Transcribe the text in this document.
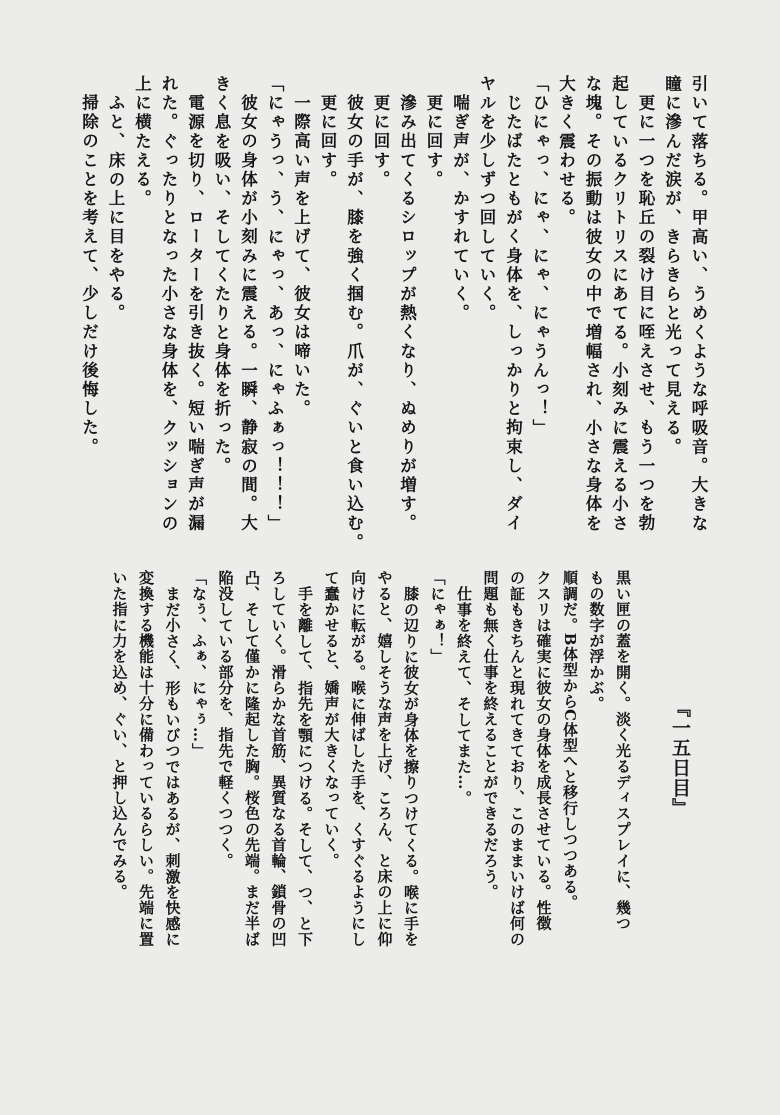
引いて落ちる。甲高い、うめくような呼吸音。大きな
瞳に滲んだ涙が、きらきらと光って見える。
更に一つを恥丘の裂け目に咥えさせ、もう一つを勃
起しているクリトリスにあてる。小刻みに震える小さ
な塊。その振動は彼女の中で増幅され、小さな身体を
大きく震わせる。
「ひにゃっ、にゃ、にゃ、にゃうんっ！」
じたばたともがく身体を、しっかりと拘束し、ダイ
ヤルを少しずつ回していく。
喘ぎ声が、かすれていく。
更に回す。
滲み出てくるシロップが熱くなり、ぬめりが増す。
更に回す。
彼女の手が、膝を強く掴む。爪が、ぐいと食い込む。
更に回す。
一際高い声を上げて、彼女は啼いた。
「にゃうっ、う、にゃっ、あっ、にゃふぁっ！！！」
彼女の身体が小刻みに震える。一瞬、静寂の間。大
きく息を吸い、そしてくたりと身体を折った。
電源を切り、ローターを引き抜く。短い喘ぎ声が漏
れた。ぐったりとなった小さな身体を、クッションの
上に横たえる。
ふと、床の上に目をやる。
掃除のことを考えて、少しだけ後悔した。
『一五日目』
黒い匣の蓋を開く。淡く光るディスプレイに、幾つ
もの数字が浮かぶ。
順調だ。B体型からC体型へと移行しつつある。
クスリは確実に彼女の身体を成長させている。性徴
の証もきちんと現れてきており、このままいけば何の
問題も無く仕事を終えることができるだろう。
仕事を終えて、そしてまた…。
「にゃぁ！」
膝の辺りに彼女が身体を擦りつけてくる。喉に手を
やると、嬉しそうな声を上げ、ころん、と床の上に仰
向けに転がる。喉に伸ばした手を、くすぐるようにし
て蠢かせると、嬌声が大きくなっていく。
手を離して、指先を顎につける。そして、つ、と下
ろしていく。滑らかな首筋、異質なる首輪、鎖骨の凹
凸、そして僅かに隆起した胸。桜色の先端。まだ半ば
陥没している部分を、指先で軽くつつく。
「なぅ、ふぁ、にゃぅ…」
まだ小さく、形もいびつではあるが、刺激を快感に
変換する機能は十分に備わっているらしい。先端に置
いた指に力を込め、ぐい、と押し込んでみる。
